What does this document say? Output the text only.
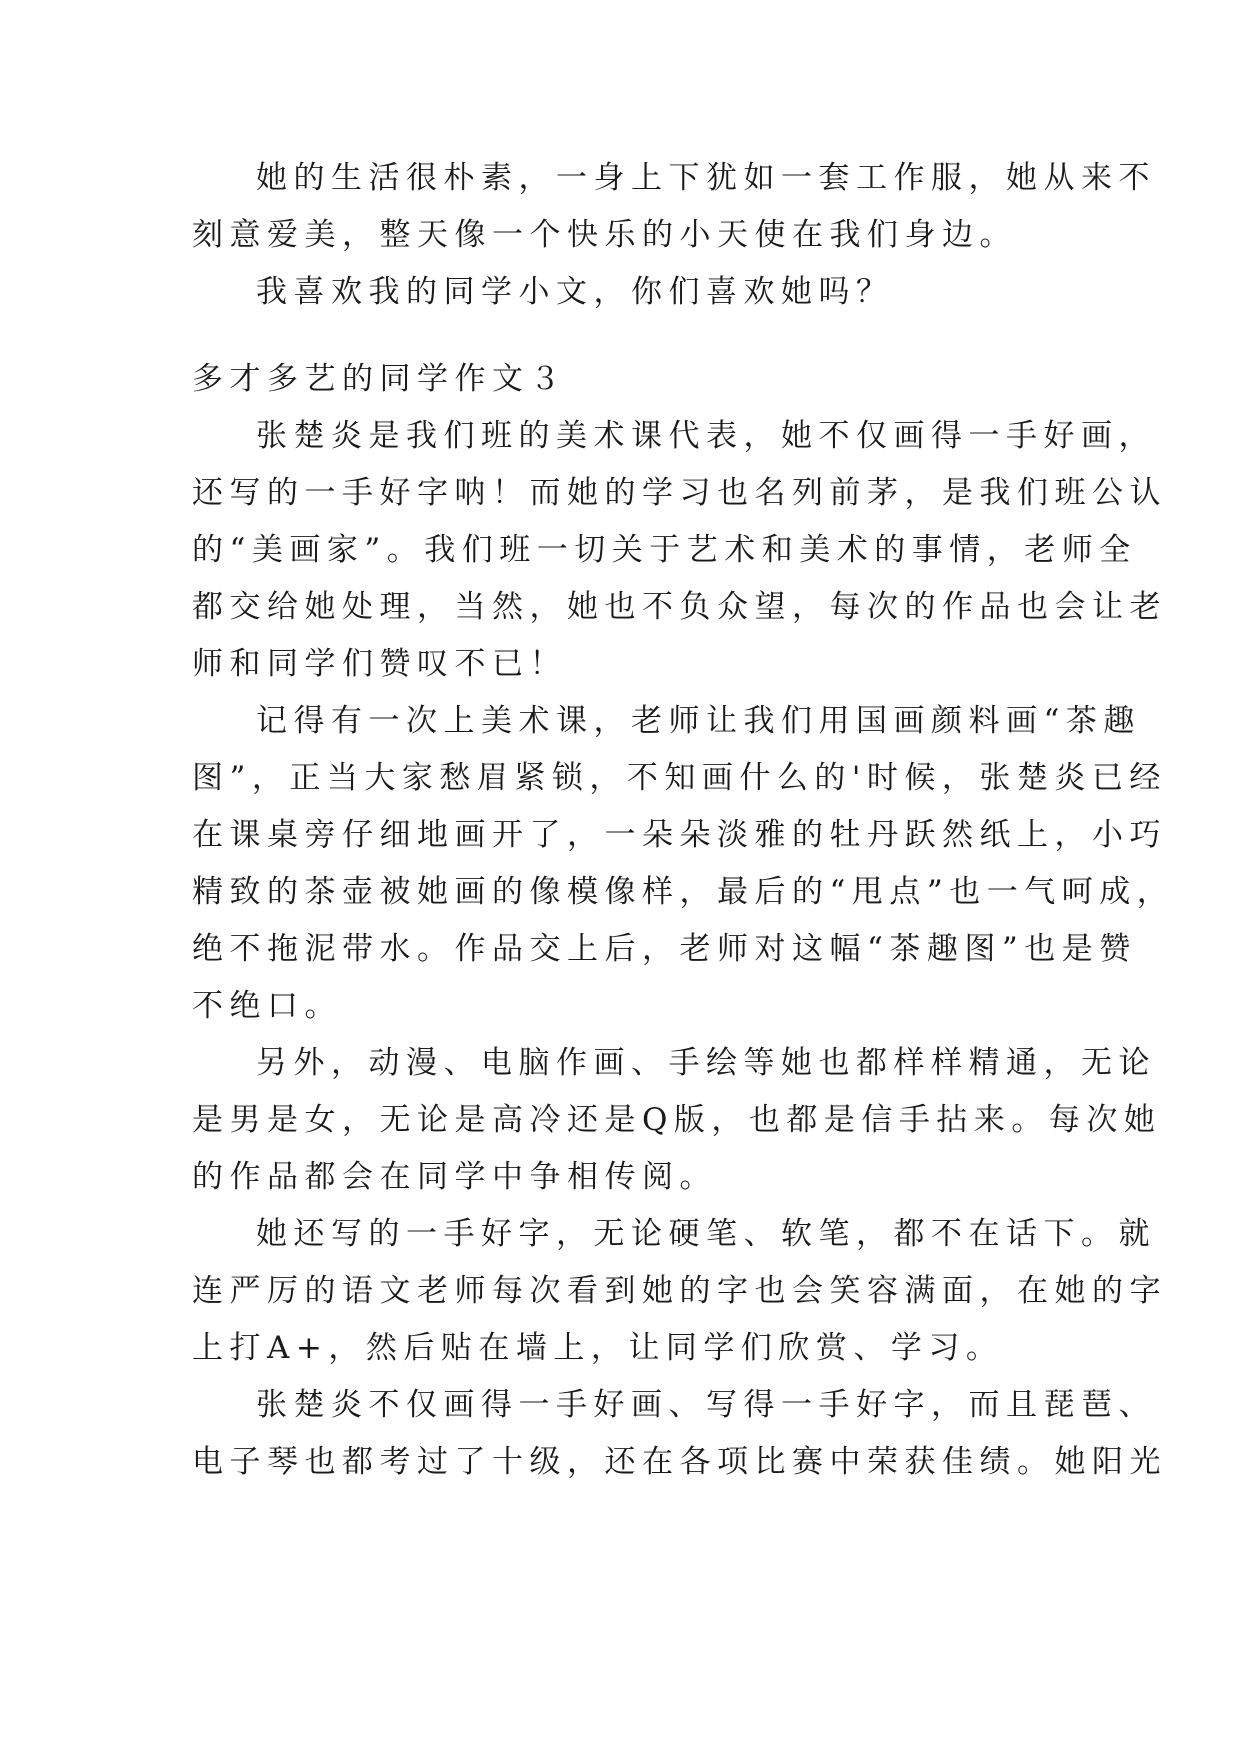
她的生活很朴素，一身上下犹如一套工作服，她从来不
刻意爱美，整天像一个快乐的小天使在我们身边。
我喜欢我的同学小文，你们喜欢她吗？
多才多艺的同学作文３
张楚炎是我们班的美术课代表，她不仅画得一手好画，
还写的一手好字呐！而她的学习也名列前茅，是我们班公认
的“美画家”。我们班一切关于艺术和美术的事情，老师全
都交给她处理，当然，她也不负众望，每次的作品也会让老
师和同学们赞叹不已！
记得有一次上美术课，老师让我们用国画颜料画“茶趣
图”，正当大家愁眉紧锁，不知画什么的'时候，张楚炎已经
在课桌旁仔细地画开了，一朵朵淡雅的牡丹跃然纸上，小巧
精致的茶壶被她画的像模像样，最后的“甩点”也一气呵成，
绝不拖泥带水。作品交上后，老师对这幅“茶趣图”也是赞
不绝口。
另外，动漫、电脑作画、手绘等她也都样样精通，无论
是男是女，无论是高冷还是Q版，也都是信手拈来。每次她
的作品都会在同学中争相传阅。
她还写的一手好字，无论硬笔、软笔，都不在话下。就
连严厉的语文老师每次看到她的字也会笑容满面，在她的字
上打A+，然后贴在墙上，让同学们欣赏、学习。
张楚炎不仅画得一手好画、写得一手好字，而且琵琶、
电子琴也都考过了十级，还在各项比赛中荣获佳绩。她阳光
